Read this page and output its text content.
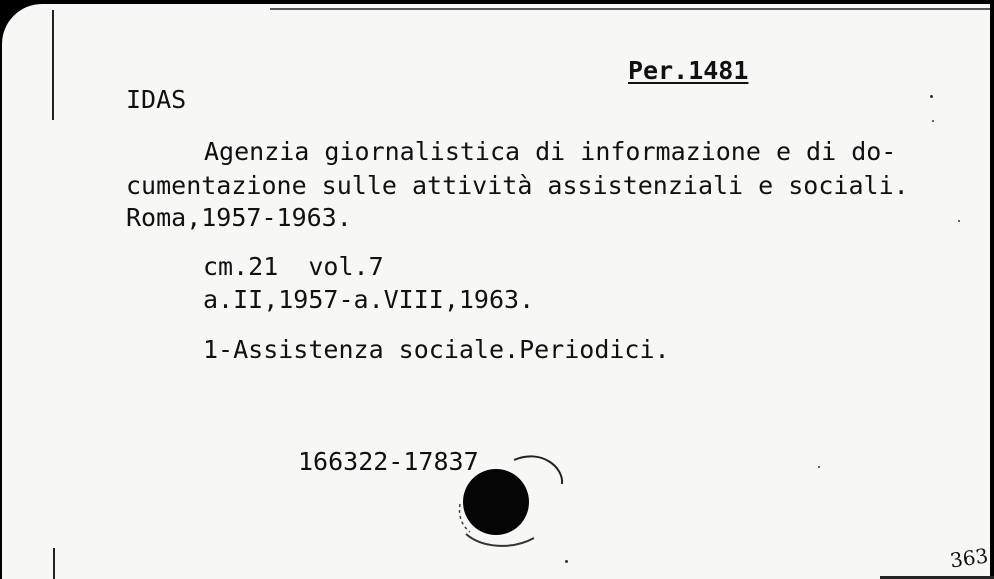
Per.1481
IDAS
Agenzia giornalistica di informazione e di do-
cumentazione sulle attività assistenziali e sociali.
Roma,1957-1963.
cm.21  vol.7
a.II,1957-a.VIII,1963.
1-Assistenza sociale.Periodici.
166322-17837
363
